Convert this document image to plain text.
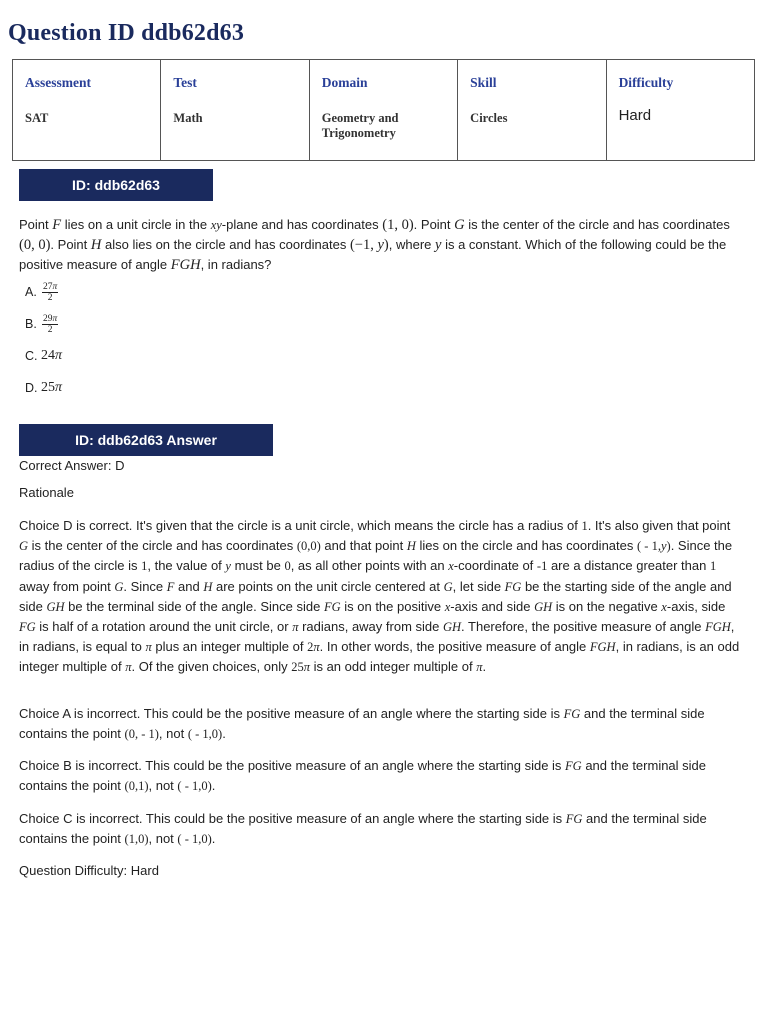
Question ID ddb62d63
Assessment
SAT

Test
Math

Domain
Geometry and Trigonometry

Skill
Circles

Difficulty
Hard
ID: ddb62d63

Point F lies on a unit circle in the xy-plane and has coordinates (1, 0). Point G is the center of the circle and has coordinates (0, 0). Point H also lies on the circle and has coordinates (−1, y), where y is a constant. Which of the following could be the positive measure of angle FGH, in radians?

A. $\frac{27\pi}{2}$
B. $\frac{29\pi}{2}$
C. 24π
D. 25π
ID: ddb62d63 Answer

Correct Answer: D

Rationale

Choice D is correct. It's given that the circle is a unit circle, which means the circle has a radius of 1. It's also given that point G is the center of the circle and has coordinates (0,0) and that point H lies on the circle and has coordinates ( - 1,y). Since the radius of the circle is 1, the value of y must be 0, as all other points with an x-coordinate of -1 are a distance greater than 1 away from point G. Since F and H are points on the unit circle centered at G, let side FG be the starting side of the angle and side GH be the terminal side of the angle. Since side FG is on the positive x-axis and side GH is on the negative x-axis, side FG is half of a rotation around the unit circle, or π radians, away from side GH. Therefore, the positive measure of angle FGH, in radians, is equal to π plus an integer multiple of 2π. In other words, the positive measure of angle FGH, in radians, is an odd integer multiple of π. Of the given choices, only 25π is an odd integer multiple of π.

Choice A is incorrect. This could be the positive measure of an angle where the starting side is FG and the terminal side contains the point (0, - 1), not ( - 1,0).

Choice B is incorrect. This could be the positive measure of an angle where the starting side is FG and the terminal side contains the point (0,1), not ( - 1,0).

Choice C is incorrect. This could be the positive measure of an angle where the starting side is FG and the terminal side contains the point (1,0), not ( - 1,0).

Question Difficulty: Hard
